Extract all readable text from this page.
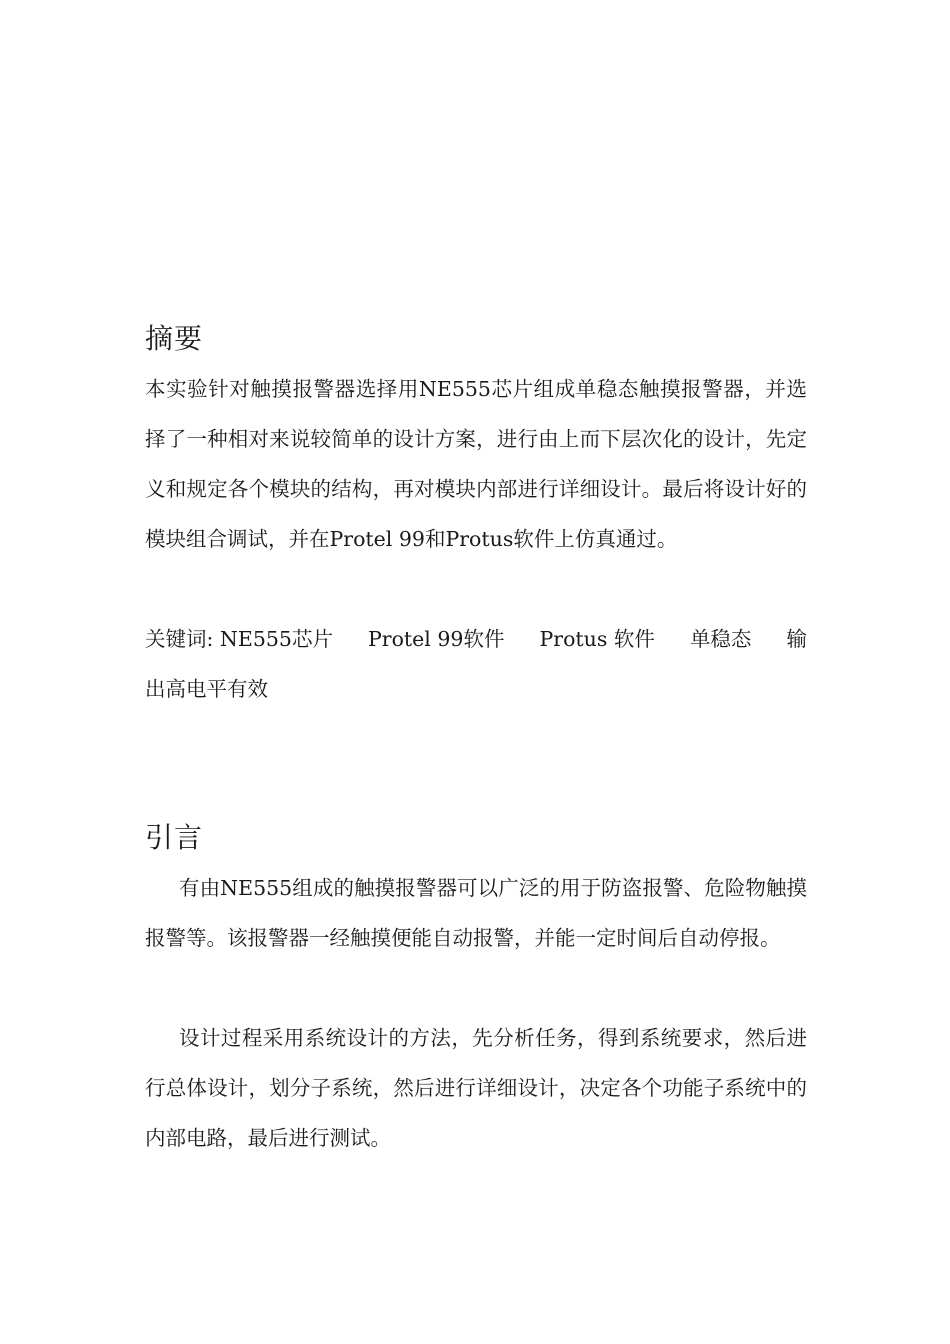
摘要

本实验针对触摸报警器选择用NE555芯片组成单稳态触摸报警器，并选择了一种相对来说较简单的设计方案，进行由上而下层次化的设计，先定义和规定各个模块的结构，再对模块内部进行详细设计。最后将设计好的模块组合调试，并在Protel 99和Protus软件上仿真通过。

关键词: NE555芯片 Protel 99软件 Protus 软件 单稳态 输
出高电平有效
引言

有由NE555组成的触摸报警器可以广泛的用于防盗报警、危险物触摸报警等。该报警器一经触摸便能自动报警，并能一定时间后自动停报。

设计过程采用系统设计的方法，先分析任务，得到系统要求，然后进行总体设计，划分子系统，然后进行详细设计，决定各个功能子系统中的内部电路，最后进行测试。
